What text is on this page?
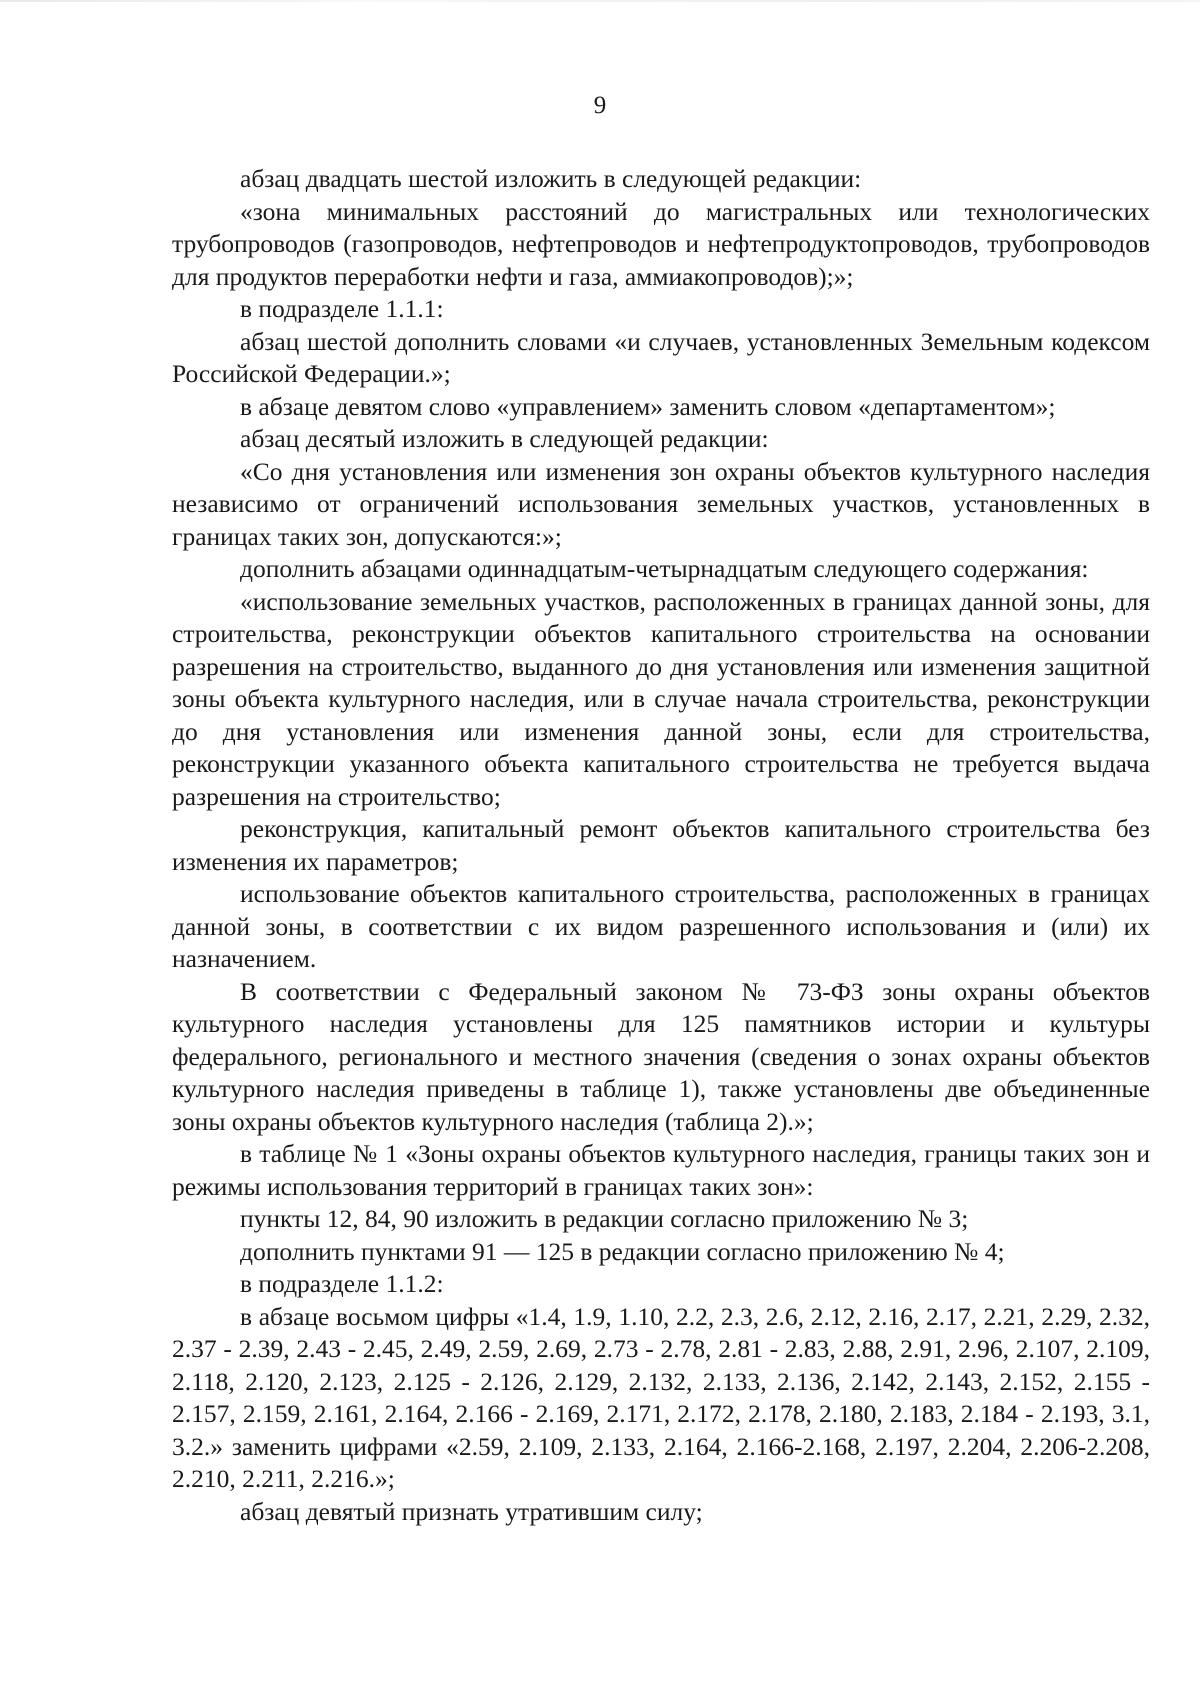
9

абзац двадцать шестой изложить в следующей редакции:

«зона минимальных расстояний до магистральных или технологических трубопроводов (газопроводов, нефтепроводов и нефтепродуктопроводов, трубопроводов для продуктов переработки нефти и газа, аммиакопроводов);»;

в подразделе 1.1.1:

абзац шестой дополнить словами «и случаев, установленных Земельным кодексом Российской Федерации.»;

в абзаце девятом слово «управлением» заменить словом «департаментом»;

абзац десятый изложить в следующей редакции:

«Со дня установления или изменения зон охраны объектов культурного наследия независимо от ограничений использования земельных участков, установленных в границах таких зон, допускаются:»;

дополнить абзацами одиннадцатым-четырнадцатым следующего содержания:

«использование земельных участков, расположенных в границах данной зоны, для строительства, реконструкции объектов капитального строительства на основании разрешения на строительство, выданного до дня установления или изменения защитной зоны объекта культурного наследия, или в случае начала строительства, реконструкции до дня установления или изменения данной зоны, если для строительства, реконструкции указанного объекта капитального строительства не требуется выдача разрешения на строительство;

реконструкция, капитальный ремонт объектов капитального строительства без изменения их параметров;

использование объектов капитального строительства, расположенных в границах данной зоны, в соответствии с их видом разрешенного использования и (или) их назначением.

В соответствии с Федеральный законом № 73-ФЗ зоны охраны объектов культурного наследия установлены для 125 памятников истории и культуры федерального, регионального и местного значения (сведения о зонах охраны объектов культурного наследия приведены в таблице 1), также установлены две объединенные зоны охраны объектов культурного наследия (таблица 2).»;

в таблице № 1 «Зоны охраны объектов культурного наследия, границы таких зон и режимы использования территорий в границах таких зон»:

пункты 12, 84, 90 изложить в редакции согласно приложению № 3;

дополнить пунктами 91 — 125 в редакции согласно приложению № 4;

в подразделе 1.1.2:

в абзаце восьмом цифры «1.4, 1.9, 1.10, 2.2, 2.3, 2.6, 2.12, 2.16, 2.17, 2.21, 2.29, 2.32, 2.37 - 2.39, 2.43 - 2.45, 2.49, 2.59, 2.69, 2.73 - 2.78, 2.81 - 2.83, 2.88, 2.91, 2.96, 2.107, 2.109, 2.118, 2.120, 2.123, 2.125 - 2.126, 2.129, 2.132, 2.133, 2.136, 2.142, 2.143, 2.152, 2.155 - 2.157, 2.159, 2.161, 2.164, 2.166 - 2.169, 2.171, 2.172, 2.178, 2.180, 2.183, 2.184 - 2.193, 3.1, 3.2.» заменить цифрами «2.59, 2.109, 2.133, 2.164, 2.166-2.168, 2.197, 2.204, 2.206-2.208, 2.210, 2.211, 2.216.»;

абзац девятый признать утратившим силу;
